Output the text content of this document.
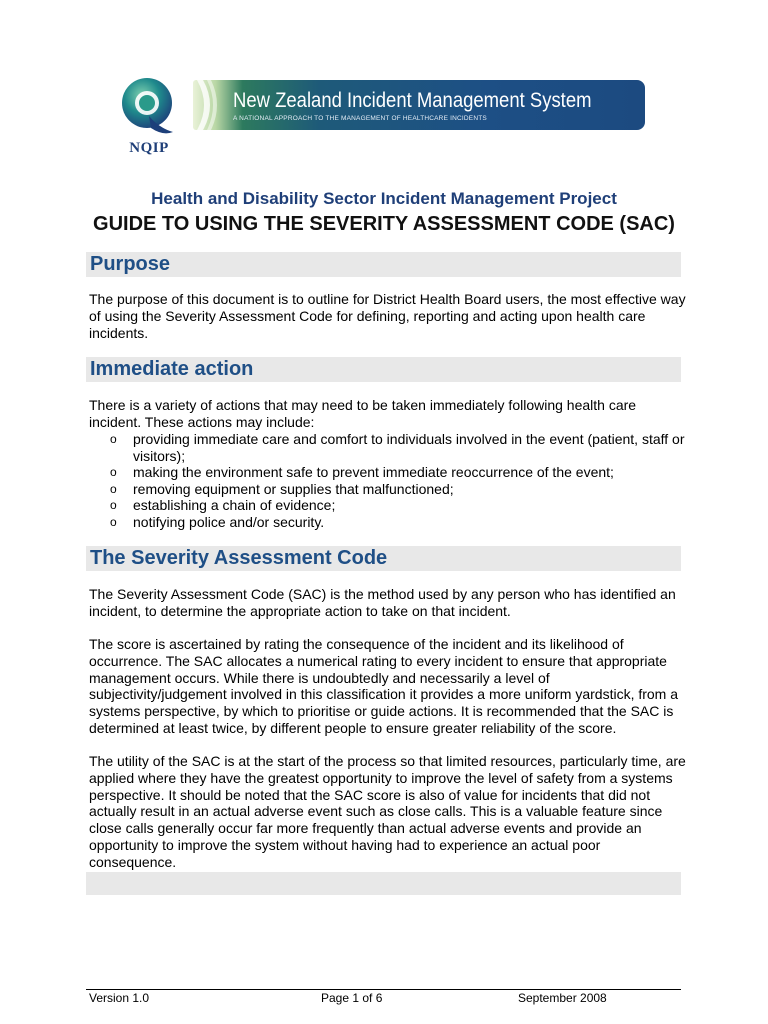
NQIP
New Zealand Incident Management System
A NATIONAL APPROACH TO THE MANAGEMENT OF HEALTHCARE INCIDENTS
Health and Disability Sector Incident Management Project
GUIDE TO USING THE SEVERITY ASSESSMENT CODE (SAC)
Purpose
The purpose of this document is to outline for District Health Board users, the most effective way
of using the Severity Assessment Code for defining, reporting and acting upon health care
incidents.
Immediate action
There is a variety of actions that may need to be taken immediately following health care
incident. These actions may include:
o providing immediate care and comfort to individuals involved in the event (patient, staff or
visitors);
o making the environment safe to prevent immediate reoccurrence of the event;
o removing equipment or supplies that malfunctioned;
o establishing a chain of evidence;
o notifying police and/or security.
The Severity Assessment Code
The Severity Assessment Code (SAC) is the method used by any person who has identified an
incident, to determine the appropriate action to take on that incident.
The score is ascertained by rating the consequence of the incident and its likelihood of
occurrence. The SAC allocates a numerical rating to every incident to ensure that appropriate
management occurs. While there is undoubtedly and necessarily a level of
subjectivity/judgement involved in this classification it provides a more uniform yardstick, from a
systems perspective, by which to prioritise or guide actions. It is recommended that the SAC is
determined at least twice, by different people to ensure greater reliability of the score.
The utility of the SAC is at the start of the process so that limited resources, particularly time, are
applied where they have the greatest opportunity to improve the level of safety from a systems
perspective. It should be noted that the SAC score is also of value for incidents that did not
actually result in an actual adverse event such as close calls. This is a valuable feature since
close calls generally occur far more frequently than actual adverse events and provide an
opportunity to improve the system without having had to experience an actual poor
consequence.
Version 1.0	Page 1 of 6	September 2008
